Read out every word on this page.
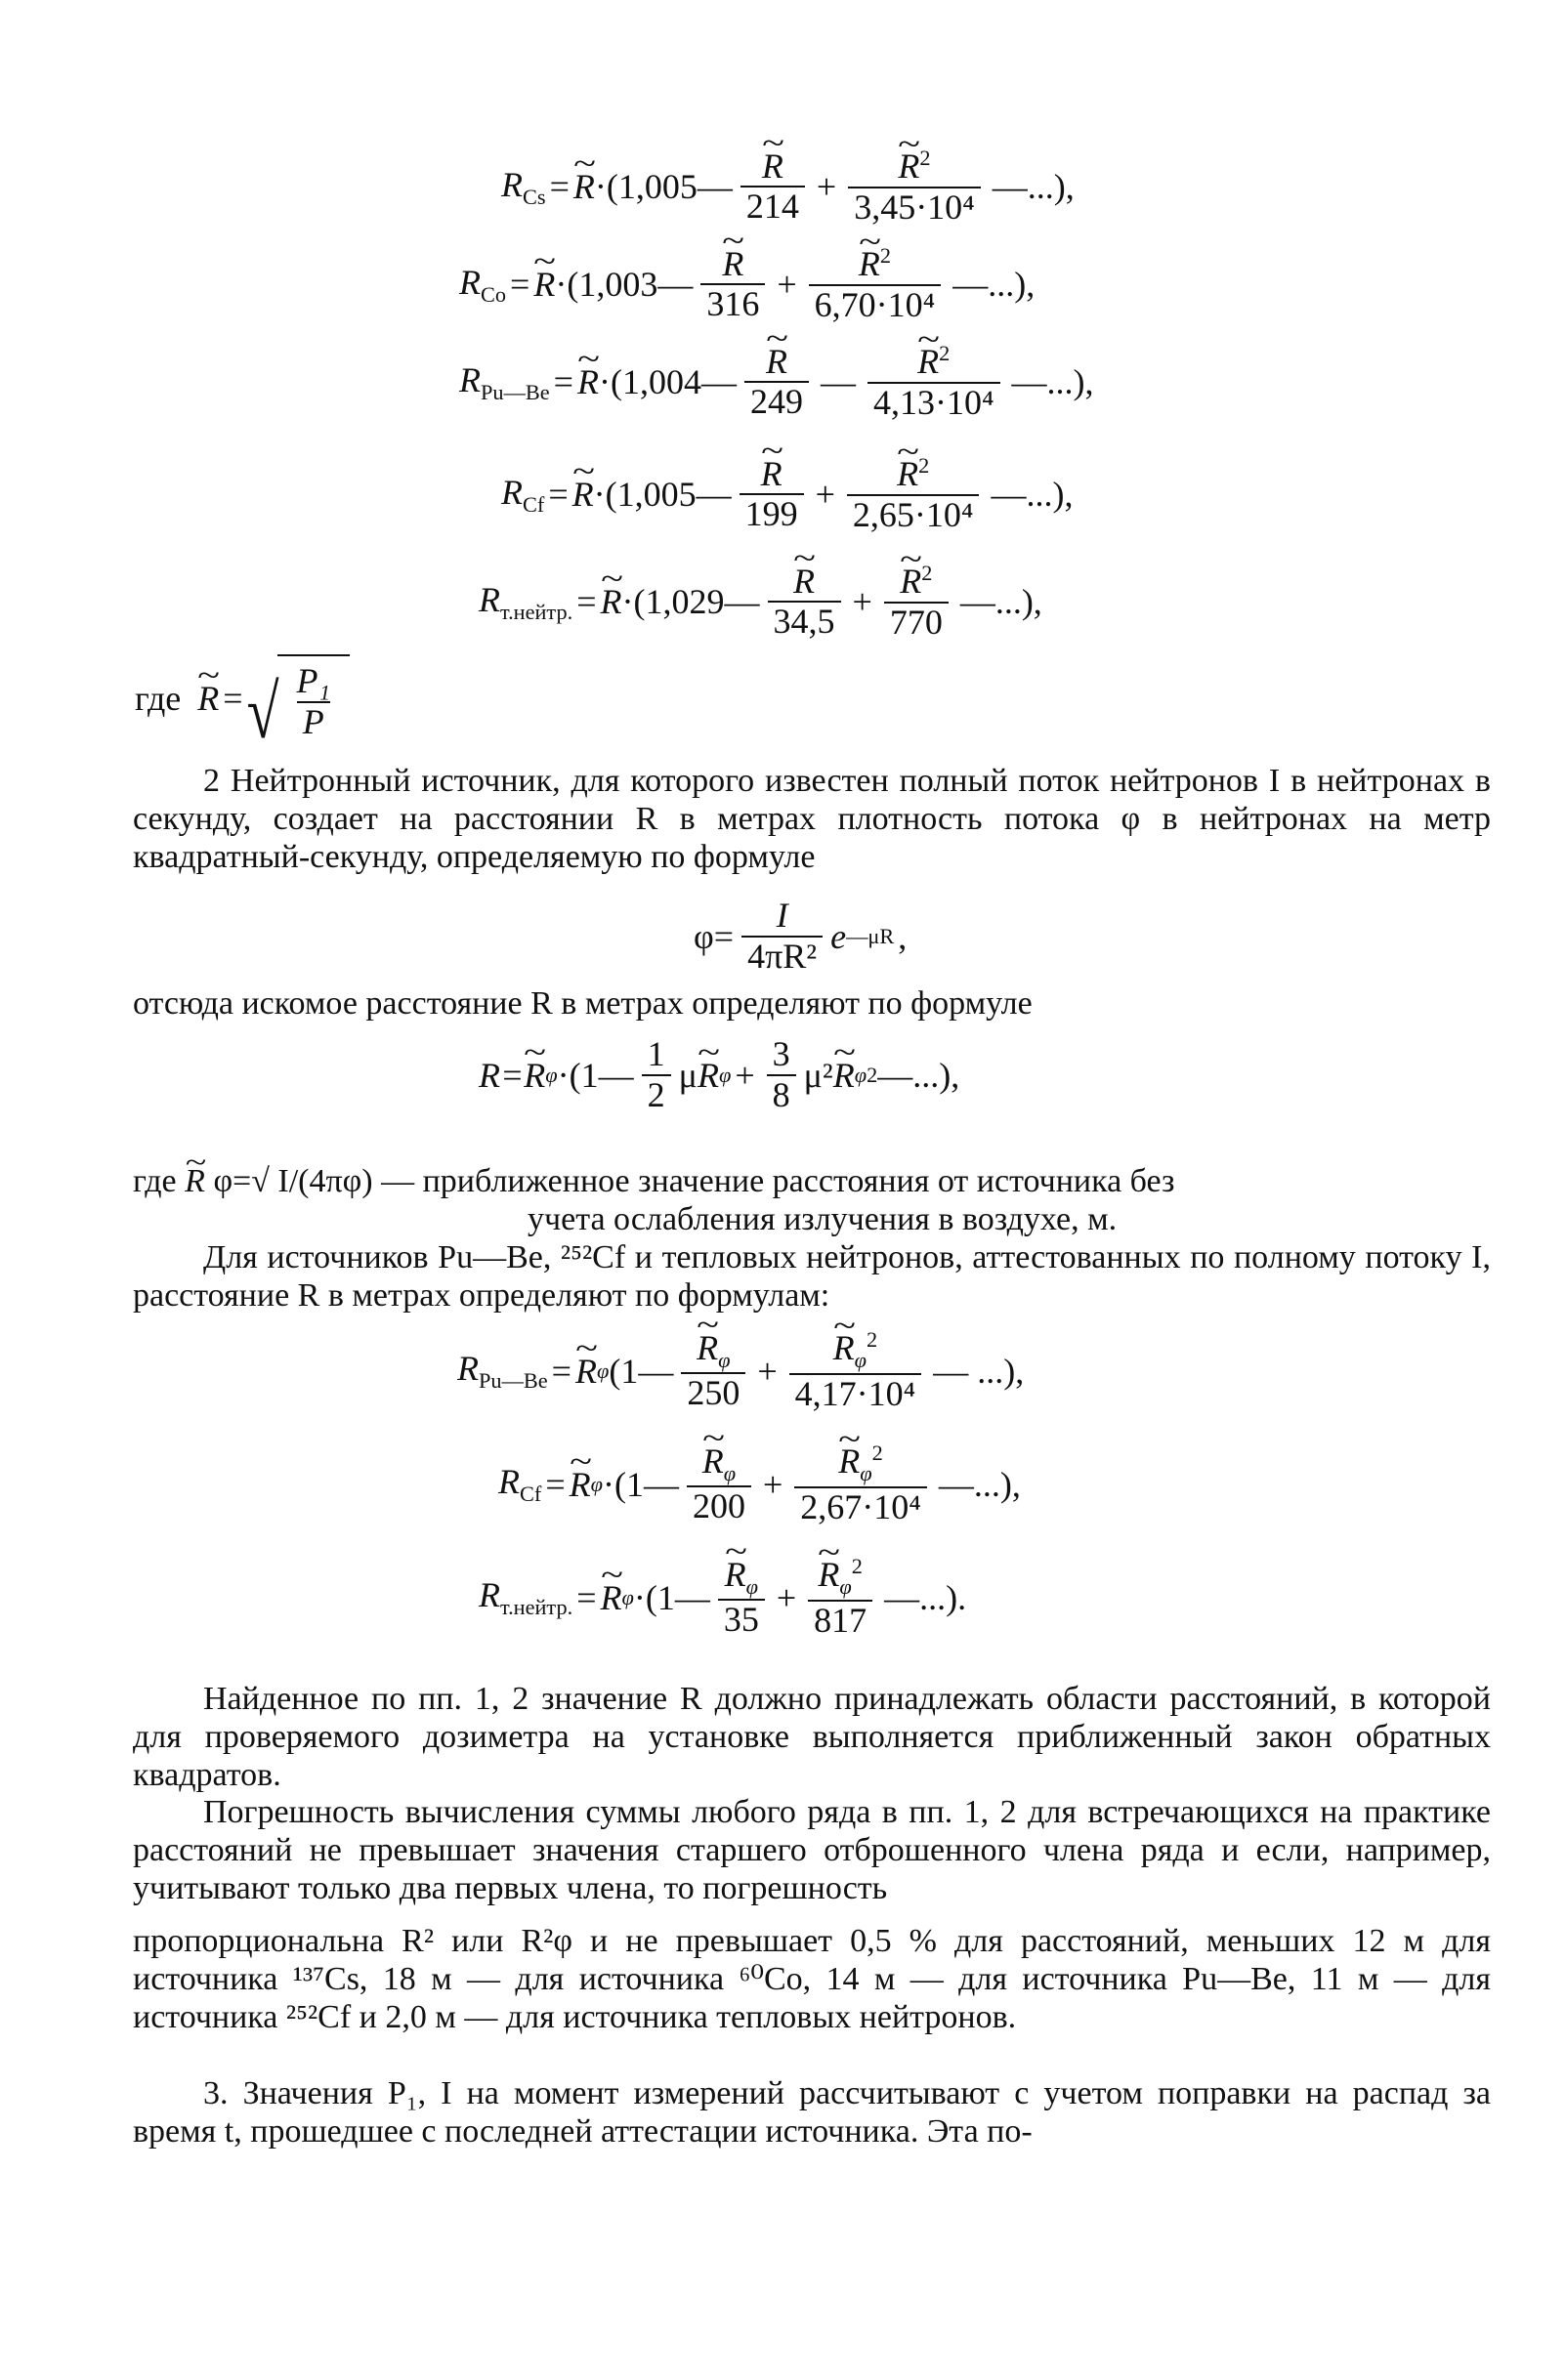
$R_{Cs}$ = ~ R ·( 1,005— ~ $\frac{R}{214}$ + ~ $\frac{R^2}{\text{3,45·10⁴}}$ —...),
$R_{Co}$ = ~ R ·( 1,003— ~ $\frac{R}{316}$ + ~ $\frac{R^2}{\text{6,70·10⁴}}$ —...),
$R_{Pu—Be}$ = ~ R ·( 1,004— ~ $\frac{R}{249}$ — ~ $\frac{R^2}{\text{4,13·10⁴}}$ —...),
$R_{Cf}$ = ~ R ·( 1,005— ~ $\frac{R}{199}$ + ~ $\frac{R^2}{\text{2,65·10⁴}}$ —...),
$R_{т.нейтр.}$ = ~ R ·( 1,029— ~ $\frac{R}{34,5}$ + ~ $\frac{R^2}{770}$ —...),
где
~ R = √ $\frac{\text{P₁}}{P}$
2 Нейтронный источник, для которого известен полный поток нейтронов I в нейтронах в секунду, создает на расстоянии R в метрах плотность потока φ в нейтронах на метр квадратный-секунду, определяемую по формуле
$\varphi= \frac{I}{\text{4πR²}}$ e —μR ,
отсюда искомое расстояние R в метрах определяют по формуле
R= ~ R φ ·(1— $\frac{1}{2}$ μ ~ R $\varphi + \frac{3}{8} \mu^2$ ~ R φ 2 —...),
где ~ R φ=√ I/(4πφ) — приближенное значение расстояния от источника без
учета ослабления излучения в воздухе, м.
Для источников Pu—Be, ²⁵²Cf и тепловых нейтронов, аттестованных по полному потоку I, расстояние R в метрах определяют по формулам:
$R_{Pu—Be}$ = ~ R φ (1— ~ $\frac{R_\varphi}{250}$ + ~ $\frac{R_\varphi^2}{\text{4,17·10⁴}}$ — ...),
$R_{Cf}$ = ~ R φ ·(1— ~ $\frac{R_\varphi}{200}$ + ~ $\frac{R_\varphi^2}{\text{2,67·10⁴}}$ —...),
$R_{т.нейтр.}$ = ~ R φ ·(1— ~ $\frac{R_\varphi}{35}$ + ~ $\frac{R_\varphi^2}{817}$ —...).
Найденное по пп. 1, 2 значение R должно принадлежать области расстояний, в которой для проверяемого дозиметра на установке выполняется приближенный закон обратных квадратов.
Погрешность вычисления суммы любого ряда в пп. 1, 2 для встречающихся на практике расстояний не превышает значения старшего отброшенного члена ряда и если, например, учитывают только два первых члена, то погрешность
пропорциональна R² или R²φ и не превышает 0,5 % для расстояний, меньших 12 м для источника ¹³⁷Cs, 18 м — для источника ⁶⁰Co, 14 м — для источника Pu—Be, 11 м — для источника ²⁵²Cf и 2,0 м — для источника тепловых нейтронов.
3. Значения P₁, I на момент измерений рассчитывают с учетом поправки на распад за время t, прошедшее с последней аттестации источника. Эта по-
